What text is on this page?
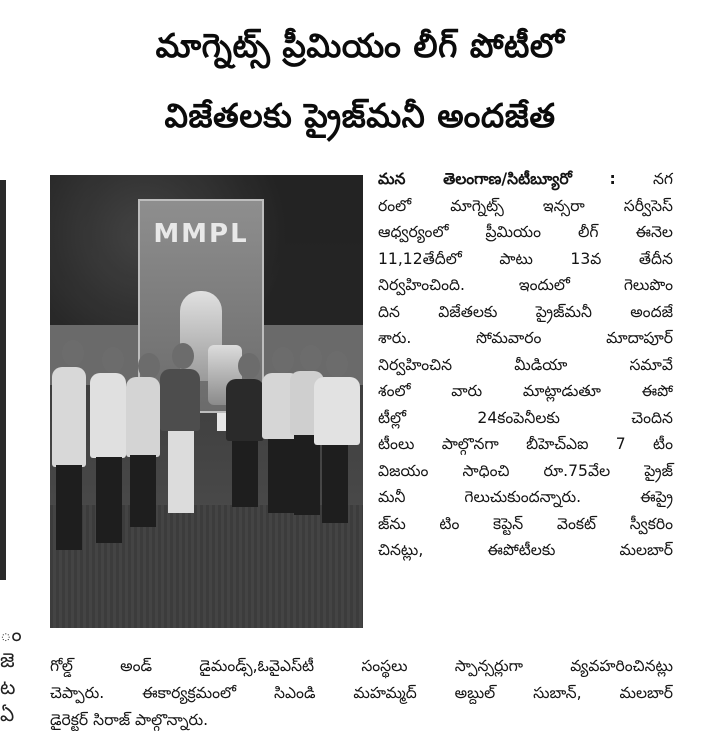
మాగ్నెట్స్ ప్రీమియం లీగ్ పోటీలో
విజేతలకు ప్రైజ్‌మనీ అందజేత
ం
జె
ట
ఏ
MMPL
మన తెలంగాణ/సిటీబ్యూరో : నగ
రంలో మాగ్నెట్స్ ఇన్సరా సర్వీసెస్
ఆధ్వర్యంలో ప్రీమియం లీగ్ ఈనెల
11,12తేదీలో పాటు 13వ తేదీన
నిర్వహించింది. ఇందులో గెలుపొం
దిన విజేతలకు ప్రైజ్‌మనీ అందజే
శారు. సోమవారం మాదాపూర్
నిర్వహించిన మీడియా సమావే
శంలో వారు మాట్లాడుతూ ఈపో
టీల్లో 24కంపెనీలకు చెందిన
టీంలు పాల్గొనగా బీహెచ్ఎఐ 7 టీం
విజయం సాధించి రూ.75వేల ప్రైజ్
మనీ గెలుచుకుందన్నారు. ఈప్రై
జ్‌ను టిం కెప్టెన్ వెంకట్ స్వీకరిం
చినట్లు, ఈపోటీలకు మలబార్
గోల్డ్ అండ్ డైమండ్స్,ఓవైఎస్‌టీ సంస్థలు స్పాన్సర్లుగా వ్యవహరించినట్లు
చెప్పారు. ఈకార్యక్రమంలో సిఎండి మహమ్మద్ అబ్దుల్ సుబాన్, మలబార్
డైరెక్టర్ సిరాజ్ పాల్గొన్నారు.
